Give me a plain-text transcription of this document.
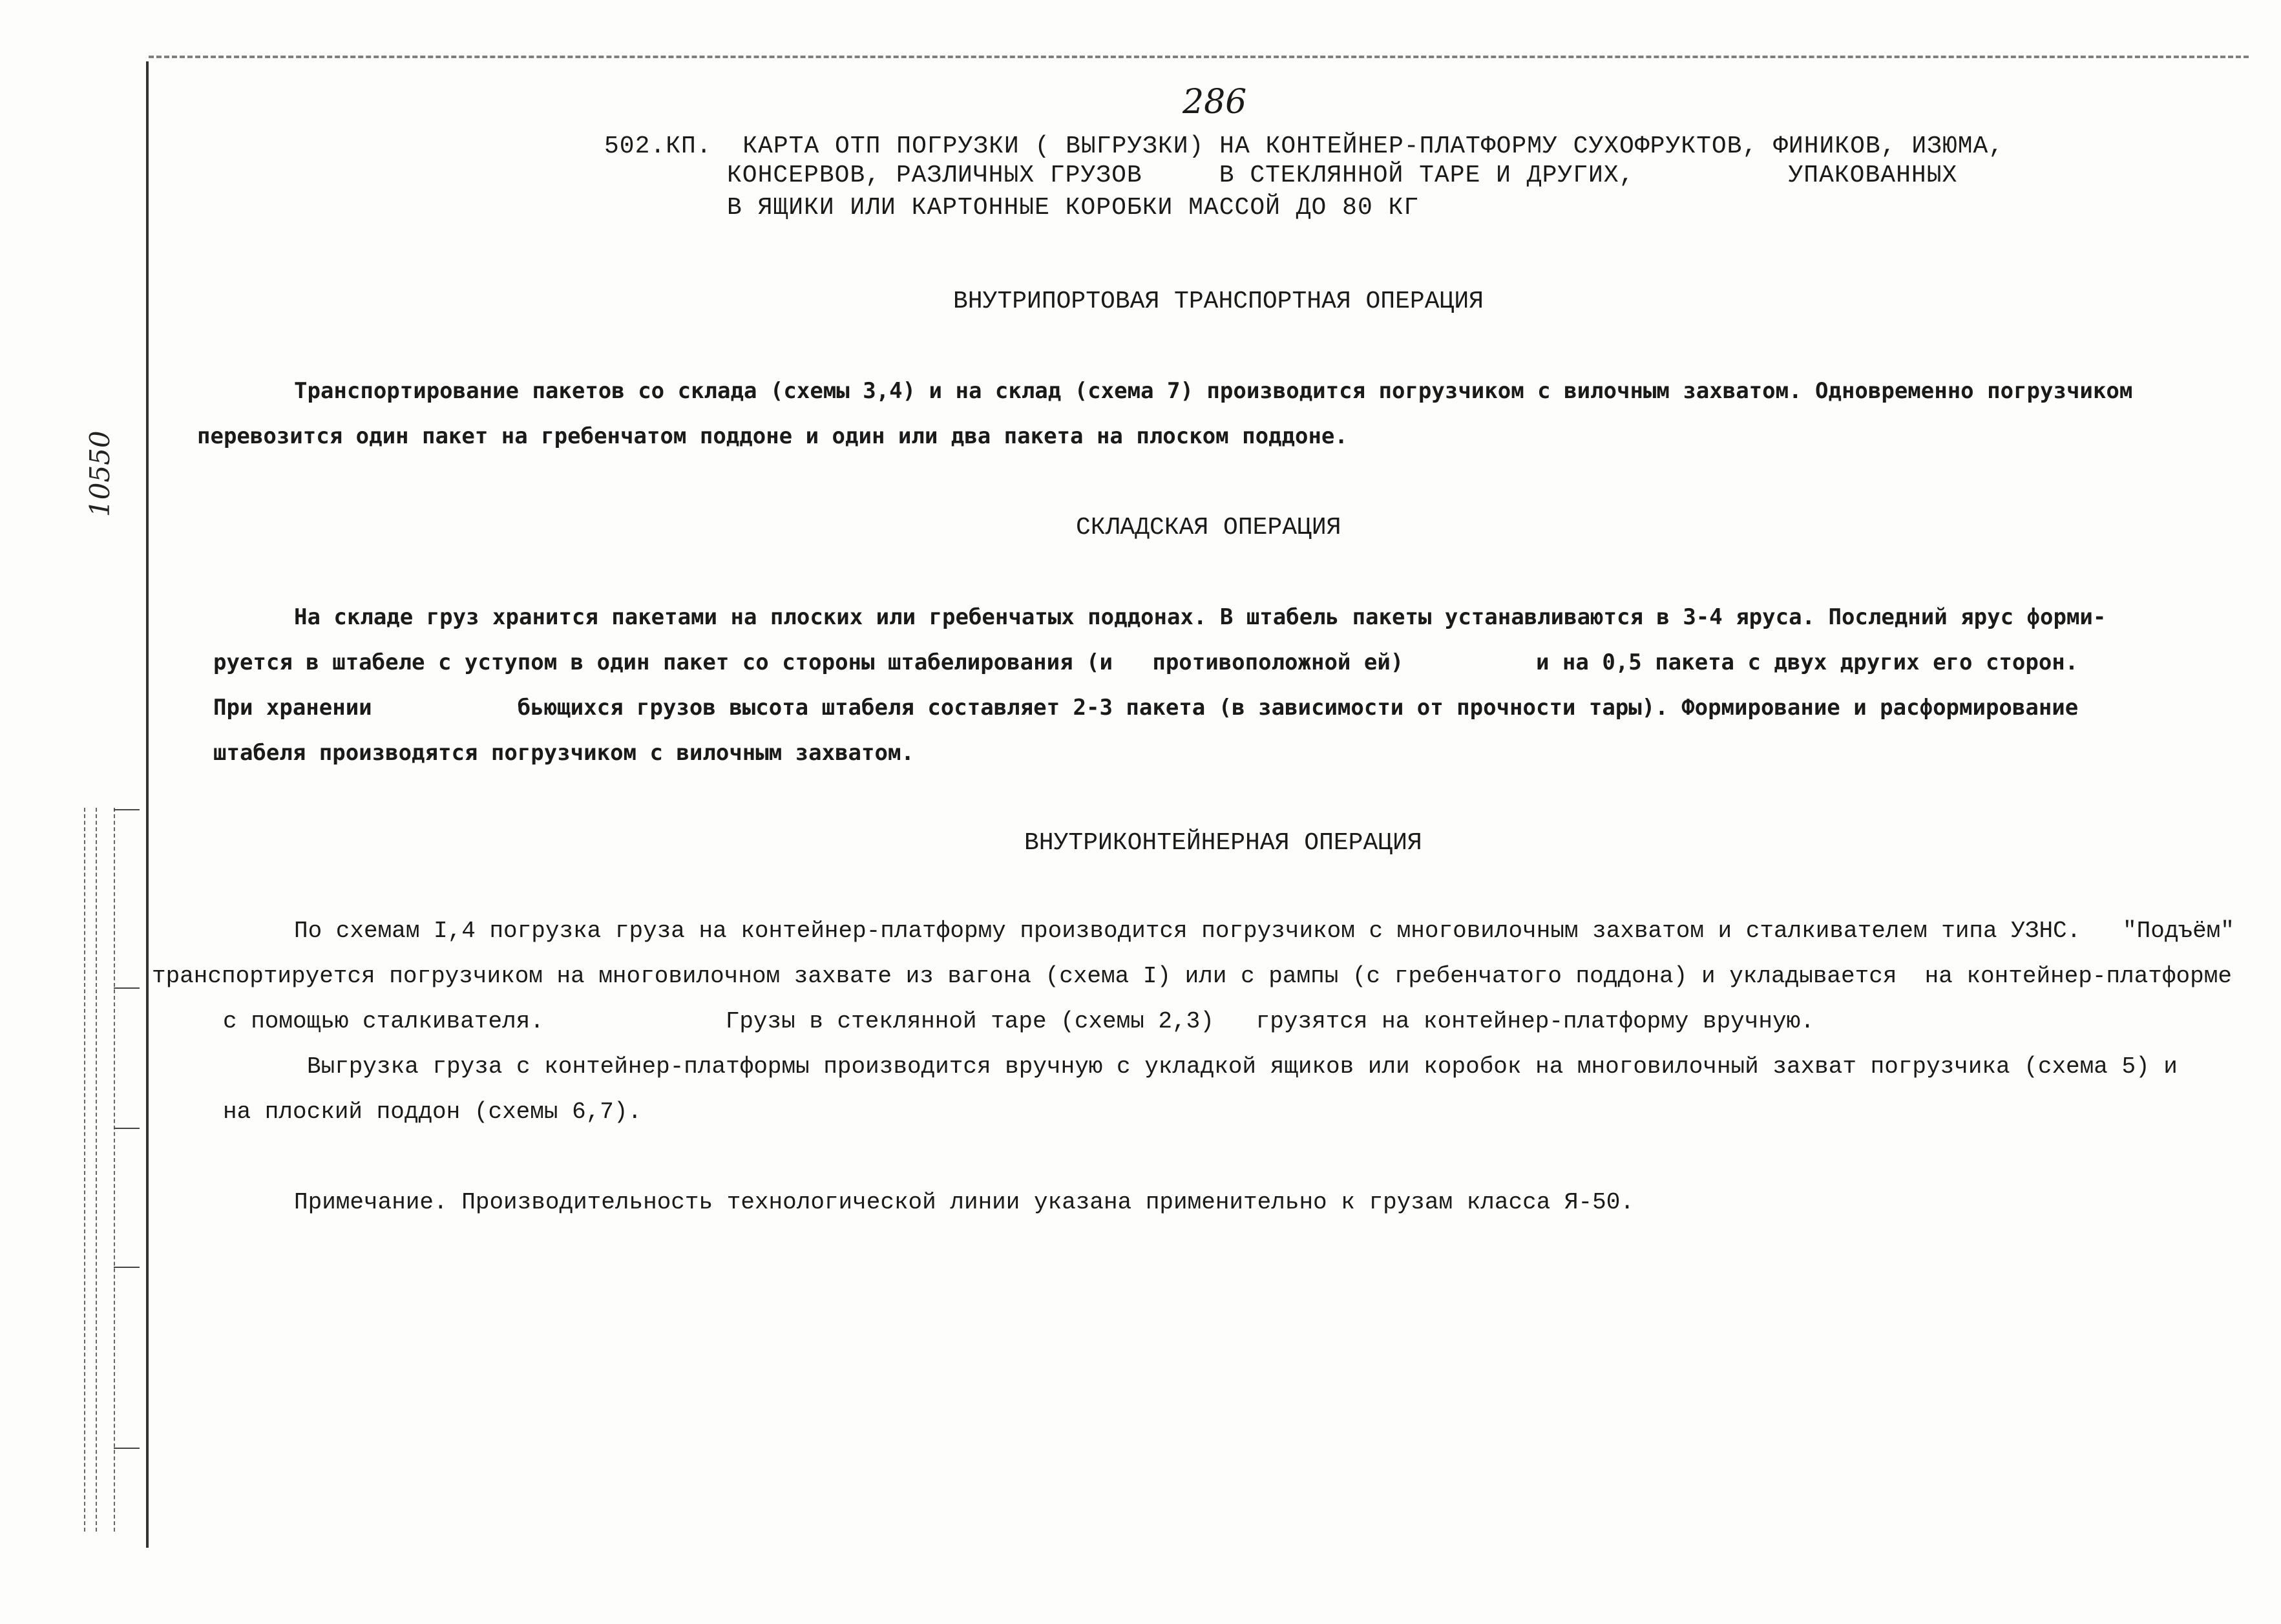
10550
286
502.КП.  КАРТА ОТП ПОГРУЗКИ ( ВЫГРУЗКИ) НА КОНТЕЙНЕР-ПЛАТФОРМУ СУХОФРУКТОВ, ФИНИКОВ, ИЗЮМА,
КОНСЕРВОВ, РАЗЛИЧНЫХ ГРУЗОВ     В СТЕКЛЯННОЙ ТАРЕ И ДРУГИХ,          УПАКОВАННЫХ
В ЯЩИКИ ИЛИ КАРТОННЫЕ КОРОБКИ МАССОЙ ДО 80 КГ
ВНУТРИПОРТОВАЯ ТРАНСПОРТНАЯ ОПЕРАЦИЯ
Транспортирование пакетов со склада (схемы 3,4) и на склад (схема 7) производится погрузчиком с вилочным захватом. Одновременно погрузчиком
перевозится один пакет на гребенчатом поддоне и один или два пакета на плоском поддоне.
СКЛАДСКАЯ ОПЕРАЦИЯ
На складе груз хранится пакетами на плоских или гребенчатых поддонах. В штабель пакеты устанавливаются в 3-4 яруса. Последний ярус форми-
руется в штабеле с уступом в один пакет со стороны штабелирования (и   противоположной ей)          и на 0,5 пакета с двух других его сторон.
При хранении           бьющихся грузов высота штабеля составляет 2-3 пакета (в зависимости от прочности тары). Формирование и расформирование
штабеля производятся погрузчиком с вилочным захватом.
ВНУТРИКОНТЕЙНЕРНАЯ ОПЕРАЦИЯ
По схемам I,4 погрузка груза на контейнер-платформу производится погрузчиком с многовилочным захватом и сталкивателем типа УЗНС.   "Подъём"
транспортируется погрузчиком на многовилочном захвате из вагона (схема I) или с рампы (с гребенчатого поддона) и укладывается  на контейнер-платформе
с помощью сталкивателя.             Грузы в стеклянной таре (схемы 2,3)   грузятся на контейнер-платформу вручную.
Выгрузка груза с контейнер-платформы производится вручную с укладкой ящиков или коробок на многовилочный захват погрузчика (схема 5) и
на плоский поддон (схемы 6,7).
Примечание. Производительность технологической линии указана применительно к грузам класса Я-50.
